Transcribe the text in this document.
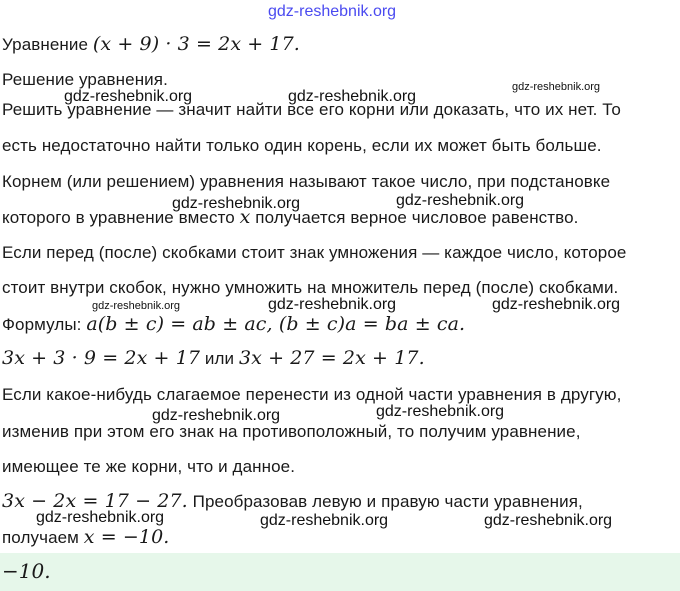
gdz-reshebnik.org
Уравнение (x + 9) · 3 = 2x + 17.
Решение уравнения.
Решить уравнение — значит найти все его корни или доказать, что их нет. То
есть недостаточно найти только один корень, если их может быть больше.
Корнем (или решением) уравнения называют такое число, при подстановке
которого в уравнение вместо x получается верное числовое равенство.
Если перед (после) скобками стоит знак умножения — каждое число, которое
стоит внутри скобок, нужно умножить на множитель перед (после) скобками.
Формулы: a(b ± c) = ab ± ac, (b ± c)a = ba ± ca.
3x + 3 · 9 = 2x + 17 или 3x + 27 = 2x + 17.
Если какое-нибудь слагаемое перенести из одной части уравнения в другую,
изменив при этом его знак на противоположный, то получим уравнение,
имеющее те же корни, что и данное.
3x − 2x = 17 − 27. Преобразовав левую и правую части уравнения,
получаем x = −10.
−10.
gdz-reshebnik.org
gdz-reshebnik.org	gdz-reshebnik.org
gdz-reshebnik.org	gdz-reshebnik.org
gdz-reshebnik.org	gdz-reshebnik.org	gdz-reshebnik.org
gdz-reshebnik.org	gdz-reshebnik.org
gdz-reshebnik.org	gdz-reshebnik.org	gdz-reshebnik.org
